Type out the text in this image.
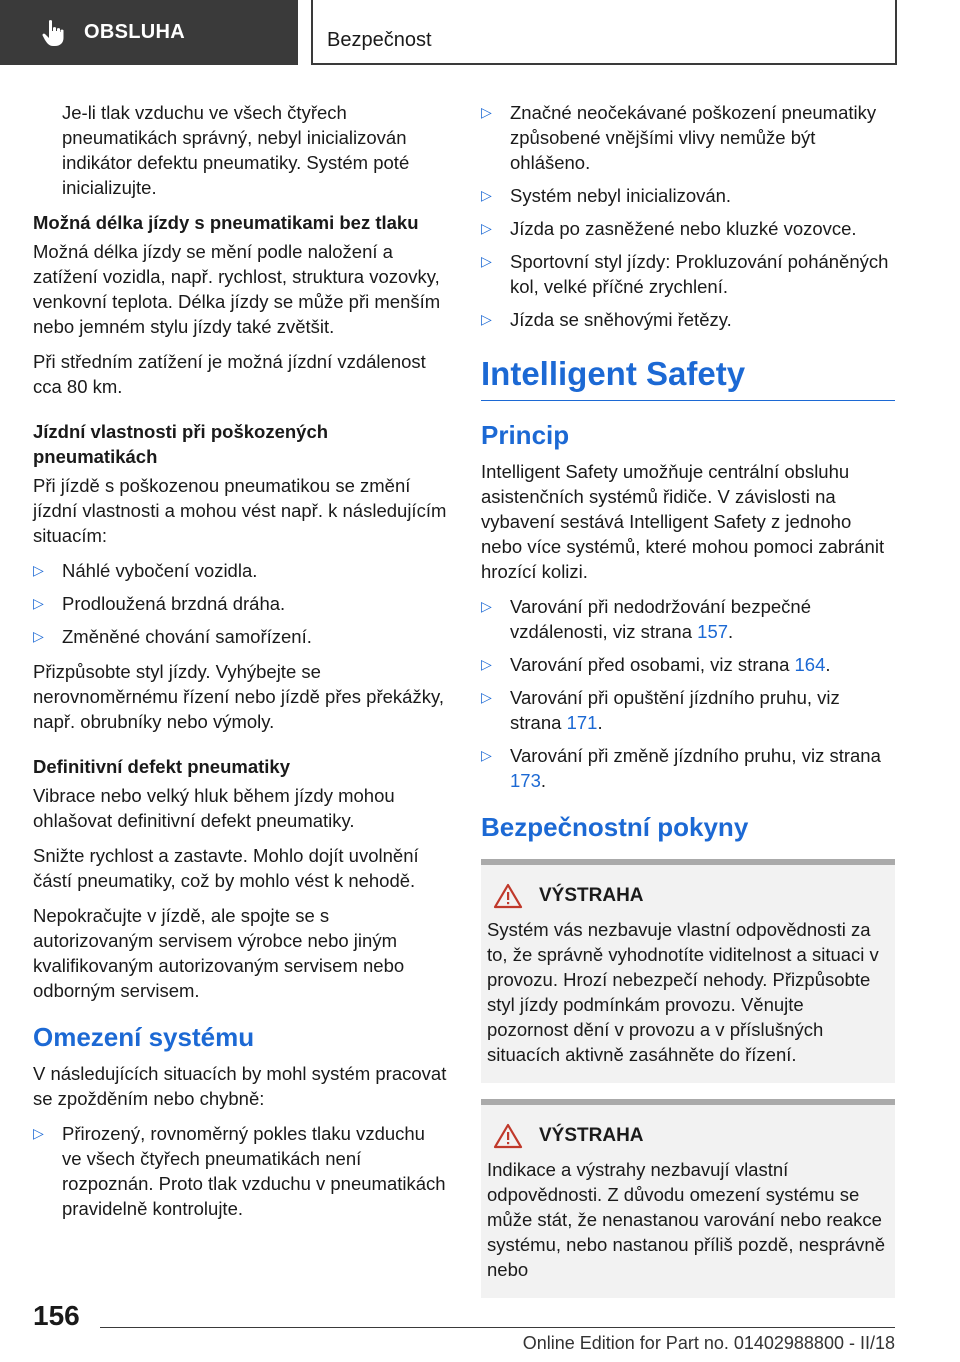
OBSLUHA	Bezpečnost

Je-li tlak vzduchu ve všech čtyřech pneumatikách správný, nebyl inicializován indikátor defektu pneumatiky. Systém poté inicializujte.

Možná délka jízdy s pneumatikami bez tlaku

Možná délka jízdy se mění podle naložení a zatížení vozidla, např. rychlost, struktura vozovky, venkovní teplota. Délka jízdy se může při menším nebo jemném stylu jízdy také zvětšit.

Při středním zatížení je možná jízdní vzdálenost cca 80 km.

Jízdní vlastnosti při poškozených pneumatikách

Při jízdě s poškozenou pneumatikou se změní jízdní vlastnosti a mohou vést např. k následujícím situacím:

▷ Náhlé vybočení vozidla.
▷ Prodloužená brzdná dráha.
▷ Změněné chování samořízení.

Přizpůsobte styl jízdy. Vyhýbejte se nerovnoměrnému řízení nebo jízdě přes překážky, např. obrubníky nebo výmoly.

Definitivní defekt pneumatiky

Vibrace nebo velký hluk během jízdy mohou ohlašovat definitivní defekt pneumatiky.

Snižte rychlost a zastavte. Mohlo dojít uvolnění částí pneumatiky, což by mohlo vést k nehodě.

Nepokračujte v jízdě, ale spojte se s autorizovaným servisem výrobce nebo jiným kvalifikovaným autorizovaným servisem nebo odborným servisem.

Omezení systému

V následujících situacích by mohl systém pracovat se zpožděním nebo chybně:

▷ Přirozený, rovnoměrný pokles tlaku vzduchu ve všech čtyřech pneumatikách není rozpoznán. Proto tlak vzduchu v pneumatikách pravidelně kontrolujte.
▷ Značné neočekávané poškození pneumatiky způsobené vnějšími vlivy nemůže být ohlášeno.
▷ Systém nebyl inicializován.
▷ Jízda po zasněžené nebo kluzké vozovce.
▷ Sportovní styl jízdy: Prokluzování poháněných kol, velké příčné zrychlení.
▷ Jízda se sněhovými řetězy.
Intelligent Safety
Princip

Intelligent Safety umožňuje centrální obsluhu asistenčních systémů řidiče. V závislosti na vybavení sestává Intelligent Safety z jednoho nebo více systémů, které mohou pomoci zabránit hrozící kolizi.

▷ Varování při nedodržování bezpečné vzdálenosti, viz strana 157.
▷ Varování před osobami, viz strana 164.
▷ Varování při opuštění jízdního pruhu, viz strana 171.
▷ Varování při změně jízdního pruhu, viz strana 173.
Bezpečnostní pokyny
VÝSTRAHA

Systém vás nezbavuje vlastní odpovědnosti za to, že správně vyhodnotíte viditelnost a situaci v provozu. Hrozí nebezpečí nehody. Přizpůsobte styl jízdy podmínkám provozu. Věnujte pozornost dění v provozu a v příslušných situacích aktivně zasáhněte do řízení.

VÝSTRAHA

Indikace a výstrahy nezbavují vlastní odpovědnosti. Z důvodu omezení systému se může stát, že nenastanou varování nebo reakce systému, nebo nastanou příliš pozdě, nesprávně nebo

156
Online Edition for Part no. 01402988800 - II/18
